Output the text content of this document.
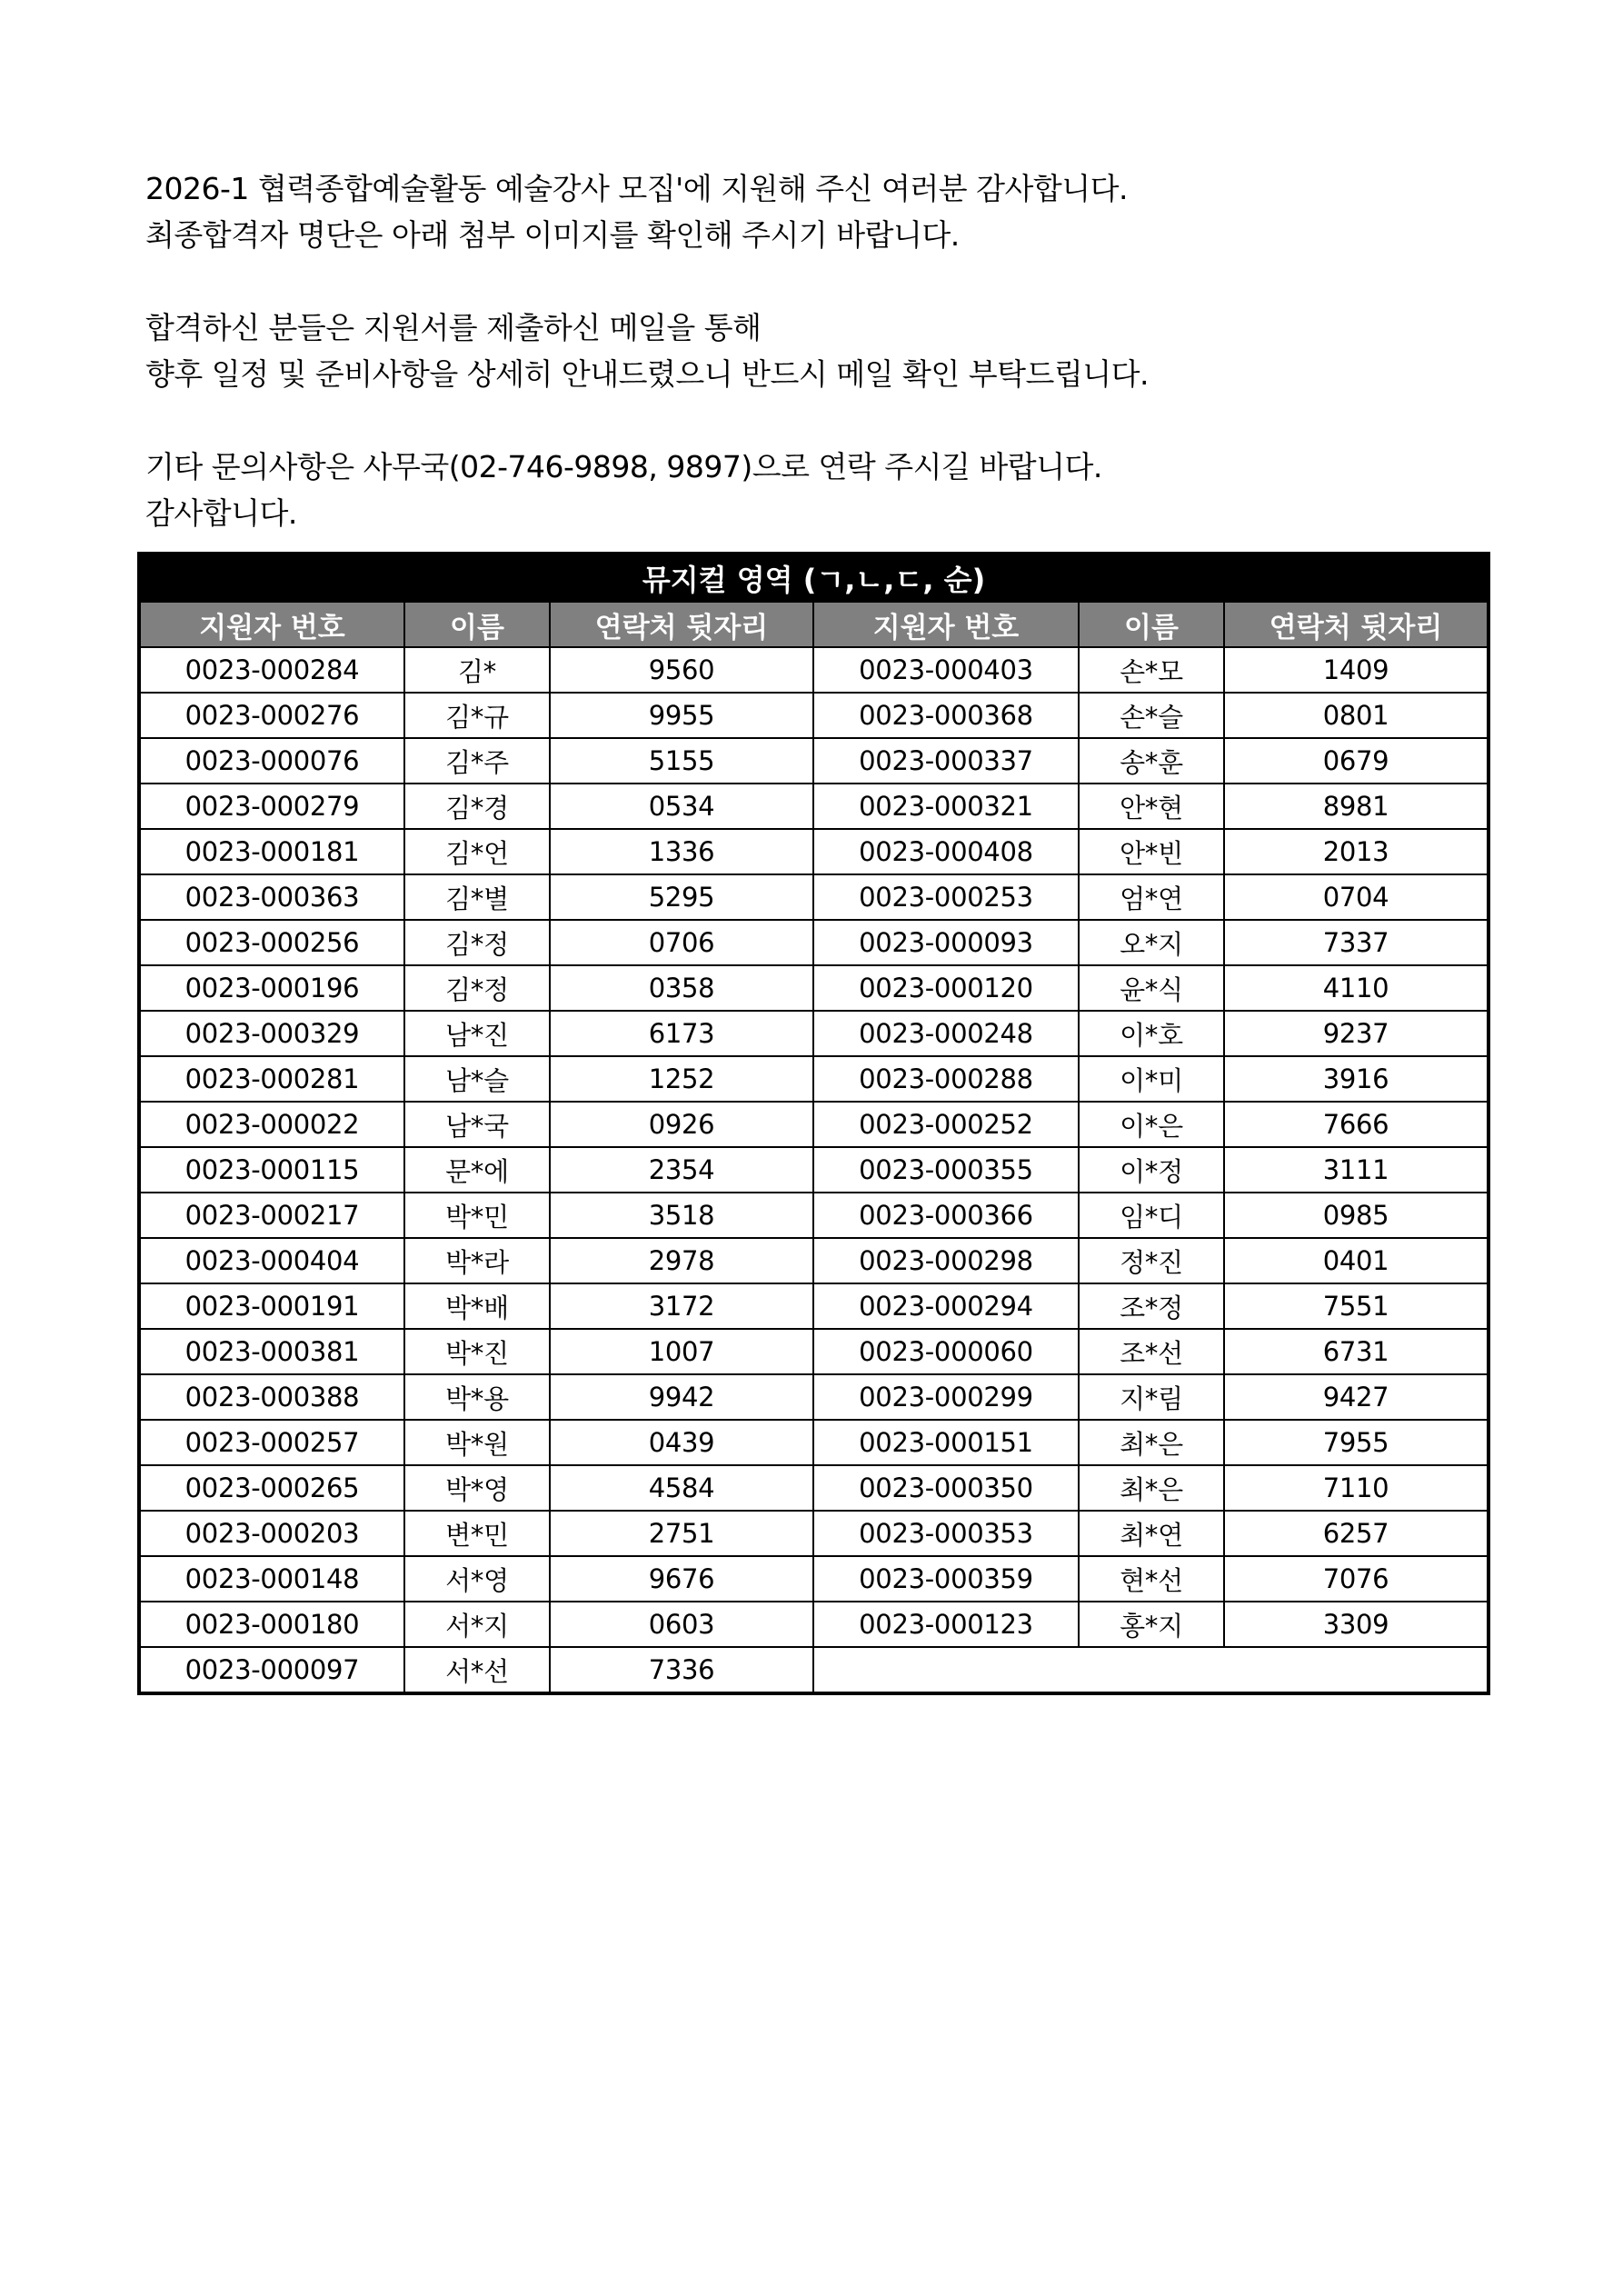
2026-1 협력종합예술활동 예술강사 모집'에 지원해 주신 여러분 감사합니다.
최종합격자 명단은 아래 첨부 이미지를 확인해 주시기 바랍니다.
합격하신 분들은 지원서를 제출하신 메일을 통해
향후 일정 및 준비사항을 상세히 안내드렸으니 반드시 메일 확인 부탁드립니다.
기타 문의사항은 사무국(02-746-9898, 9897)으로 연락 주시길 바랍니다.
감사합니다.
뮤지컬 영역 (ㄱ,ㄴ,ㄷ, 순)					
지원자 번호	이름	연락처 뒷자리	지원자 번호	이름	연락처 뒷자리
0023-000284	김*	9560	0023-000403	손*모	1409
0023-000276	김*규	9955	0023-000368	손*슬	0801
0023-000076	김*주	5155	0023-000337	송*훈	0679
0023-000279	김*경	0534	0023-000321	안*현	8981
0023-000181	김*언	1336	0023-000408	안*빈	2013
0023-000363	김*별	5295	0023-000253	엄*연	0704
0023-000256	김*정	0706	0023-000093	오*지	7337
0023-000196	김*정	0358	0023-000120	윤*식	4110
0023-000329	남*진	6173	0023-000248	이*호	9237
0023-000281	남*슬	1252	0023-000288	이*미	3916
0023-000022	남*국	0926	0023-000252	이*은	7666
0023-000115	문*에	2354	0023-000355	이*정	3111
0023-000217	박*민	3518	0023-000366	임*디	0985
0023-000404	박*라	2978	0023-000298	정*진	0401
0023-000191	박*배	3172	0023-000294	조*정	7551
0023-000381	박*진	1007	0023-000060	조*선	6731
0023-000388	박*용	9942	0023-000299	지*림	9427
0023-000257	박*원	0439	0023-000151	최*은	7955
0023-000265	박*영	4584	0023-000350	최*은	7110
0023-000203	변*민	2751	0023-000353	최*연	6257
0023-000148	서*영	9676	0023-000359	현*선	7076
0023-000180	서*지	0603	0023-000123	홍*지	3309
0023-000097	서*선	7336			
